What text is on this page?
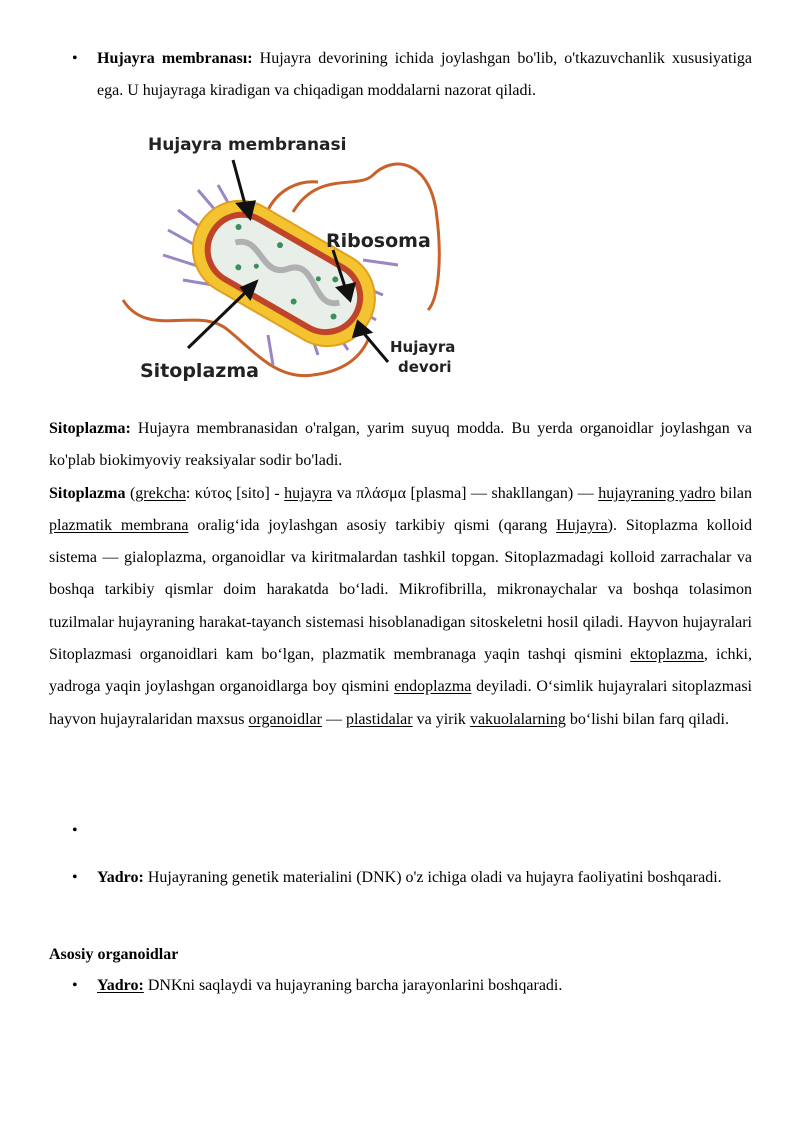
• Hujayra membranası: Hujayra devorining ichida joylashgan bo'lib, o'tkazuvchanlik xususiyatiga ega. U hujayraga kiradigan va chiqadigan moddalarni nazorat qiladi.
Hujayra membranasi
Ribosoma
Hujayra
devori
Sitoplazma
Sitoplazma: Hujayra membranasidan o'ralgan, yarim suyuq modda. Bu yerda organoidlar joylashgan va ko'plab biokimyoviy reaksiyalar sodir bo'ladi.
Sitoplazma (grekcha: κύτος [sito] - hujayra va πλάσμα [plasma] — shakllangan) — hujayraning yadro bilan plazmatik membrana oralig‘ida joylashgan asosiy tarkibiy qismi (qarang Hujayra). Sitoplazma kolloid sistema — gialoplazma, organoidlar va kiritmalardan tashkil topgan. Sitoplazmadagi kolloid zarrachalar va boshqa tarkibiy qismlar doim harakatda bo‘ladi. Mikrofibrilla, mikronaychalar va boshqa tolasimon tuzilmalar hujayraning harakat-tayanch sistemasi hisoblanadigan sitoskeletni hosil qiladi. Hayvon hujayralari Sitoplazmasi organoidlari kam bo‘lgan, plazmatik membranaga yaqin tashqi qismini ektoplazma, ichki, yadroga yaqin joylashgan organoidlarga boy qismini endoplazma deyiladi. O‘simlik hujayralari sitoplazmasi hayvon hujayralaridan maxsus organoidlar — plastidalar va yirik vakuolalarning bo‘lishi bilan farq qiladi.
•
• Yadro: Hujayraning genetik materialini (DNK) o'z ichiga oladi va hujayra faoliyatini boshqaradi.
Asosiy organoidlar
• Yadro: DNKni saqlaydi va hujayraning barcha jarayonlarini boshqaradi.
